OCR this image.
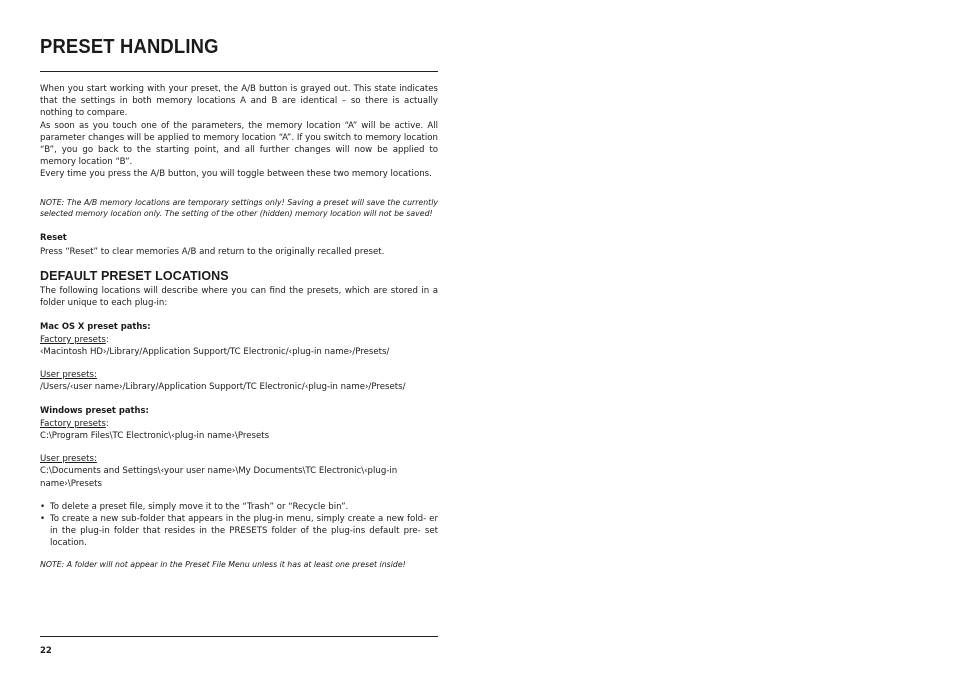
PRESET HANDLING

When you start working with your preset, the A/B button is grayed out. This state indicates that the settings in both memory locations A and B are identical – so there is actually nothing to compare.

As soon as you touch one of the parameters, the memory location “A” will be active. All parameter changes will be applied to memory location “A”. If you switch to memory location “B”, you go back to the starting point, and all further changes will now be applied to memory location “B”.

Every time you press the A/B button, you will toggle between these two memory locations.

NOTE: The A/B memory locations are temporary settings only! Saving a preset will save the currently selected memory location only. The setting of the other (hidden) memory location will not be saved!

Reset

Press “Reset” to clear memories A/B and return to the originally recalled preset.

DEFAULT PRESET LOCATIONS

The following locations will describe where you can find the presets, which are stored in a folder unique to each plug-in:

Mac OS X preset paths:
Factory presets:
‹Macintosh HD›/Library/Application Support/TC Electronic/‹plug-in name›/Presets/
User presets:
/Users/‹user name›/Library/Application Support/TC Electronic/‹plug-in name›/Presets/
Windows preset paths:
Factory presets:
C:\Program Files\TC Electronic\‹plug-in name›\Presets
User presets:
C:\Documents and Settings\‹your user name›\My Documents\TC Electronic\‹plug-in name›\Presets
• To delete a preset file, simply move it to the “Trash” or “Recycle bin”.
• To create a new sub-folder that appears in the plug-in menu, simply create a new fold- er in the plug-in folder that resides in the PRESETS folder of the plug-ins default pre- set location.

NOTE: A folder will not appear in the Preset File Menu unless it has at least one preset inside!

22
